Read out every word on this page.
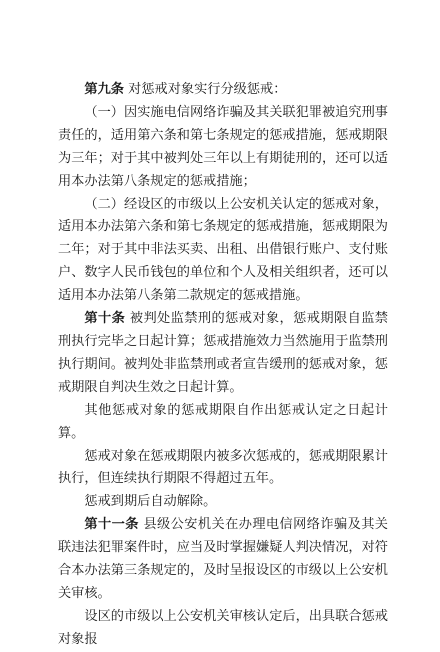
第九条 对惩戒对象实行分级惩戒：

（一）因实施电信网络诈骗及其关联犯罪被追究刑事责任的，适用第六条和第七条规定的惩戒措施，惩戒期限为三年；对于其中被判处三年以上有期徒刑的，还可以适用本办法第八条规定的惩戒措施；

（二）经设区的市级以上公安机关认定的惩戒对象，适用本办法第六条和第七条规定的惩戒措施，惩戒期限为二年；对于其中非法买卖、出租、出借银行账户、支付账户、数字人民币钱包的单位和个人及相关组织者，还可以适用本办法第八条第二款规定的惩戒措施。

第十条 被判处监禁刑的惩戒对象，惩戒期限自监禁刑执行完毕之日起计算；惩戒措施效力当然施用于监禁刑执行期间。被判处非监禁刑或者宣告缓刑的惩戒对象，惩戒期限自判决生效之日起计算。

其他惩戒对象的惩戒期限自作出惩戒认定之日起计算。

惩戒对象在惩戒期限内被多次惩戒的，惩戒期限累计执行，但连续执行期限不得超过五年。

惩戒到期后自动解除。

第十一条 县级公安机关在办理电信网络诈骗及其关联违法犯罪案件时，应当及时掌握嫌疑人判决情况，对符合本办法第三条规定的，及时呈报设区的市级以上公安机关审核。

设区的市级以上公安机关审核认定后，出具联合惩戒对象报
